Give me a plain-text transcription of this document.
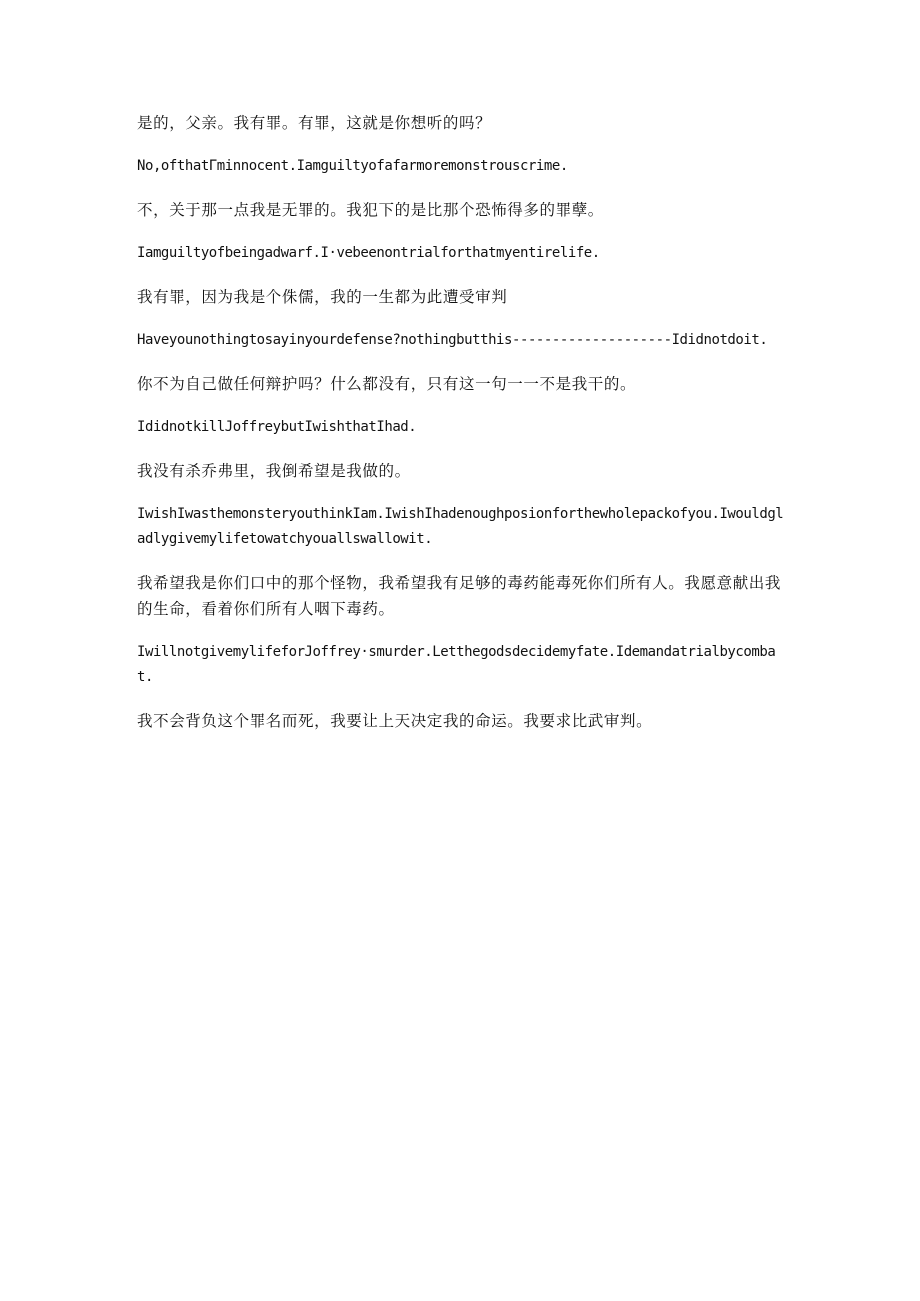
是的，父亲。我有罪。有罪，这就是你想听的吗？

No,ofthatΓminnocent.Iamguiltyofafarmoremonstrouscrime.

不，关于那一点我是无罪的。我犯下的是比那个恐怖得多的罪孽。

Iamguiltyofbeingadwarf.I·vebeenontrialforthatmyentirelife.

我有罪，因为我是个侏儒，我的一生都为此遭受审判

Haveyounothingtosayinyourdefense?nothingbutthis--------------------Ididnotdoit.

你不为自己做任何辩护吗？什么都没有，只有这一句一一不是我干的。

IdidnotkillJoffreybutIwishthatIhad.

我没有杀乔弗里，我倒希望是我做的。

IwishIwasthemonsteryouthinkIam.IwishIhadenoughposionforthewholepackofyou.Iwouldgladlygivemylifetowatchyouallswallowit.

我希望我是你们口中的那个怪物，我希望我有足够的毒药能毒死你们所有人。我愿意献出我的生命，看着你们所有人咽下毒药。

IwillnotgivemylifeforJoffrey·smurder.Letthegodsdecidemyfate.Idemandatrialbycombat.

我不会背负这个罪名而死，我要让上天决定我的命运。我要求比武审判。
